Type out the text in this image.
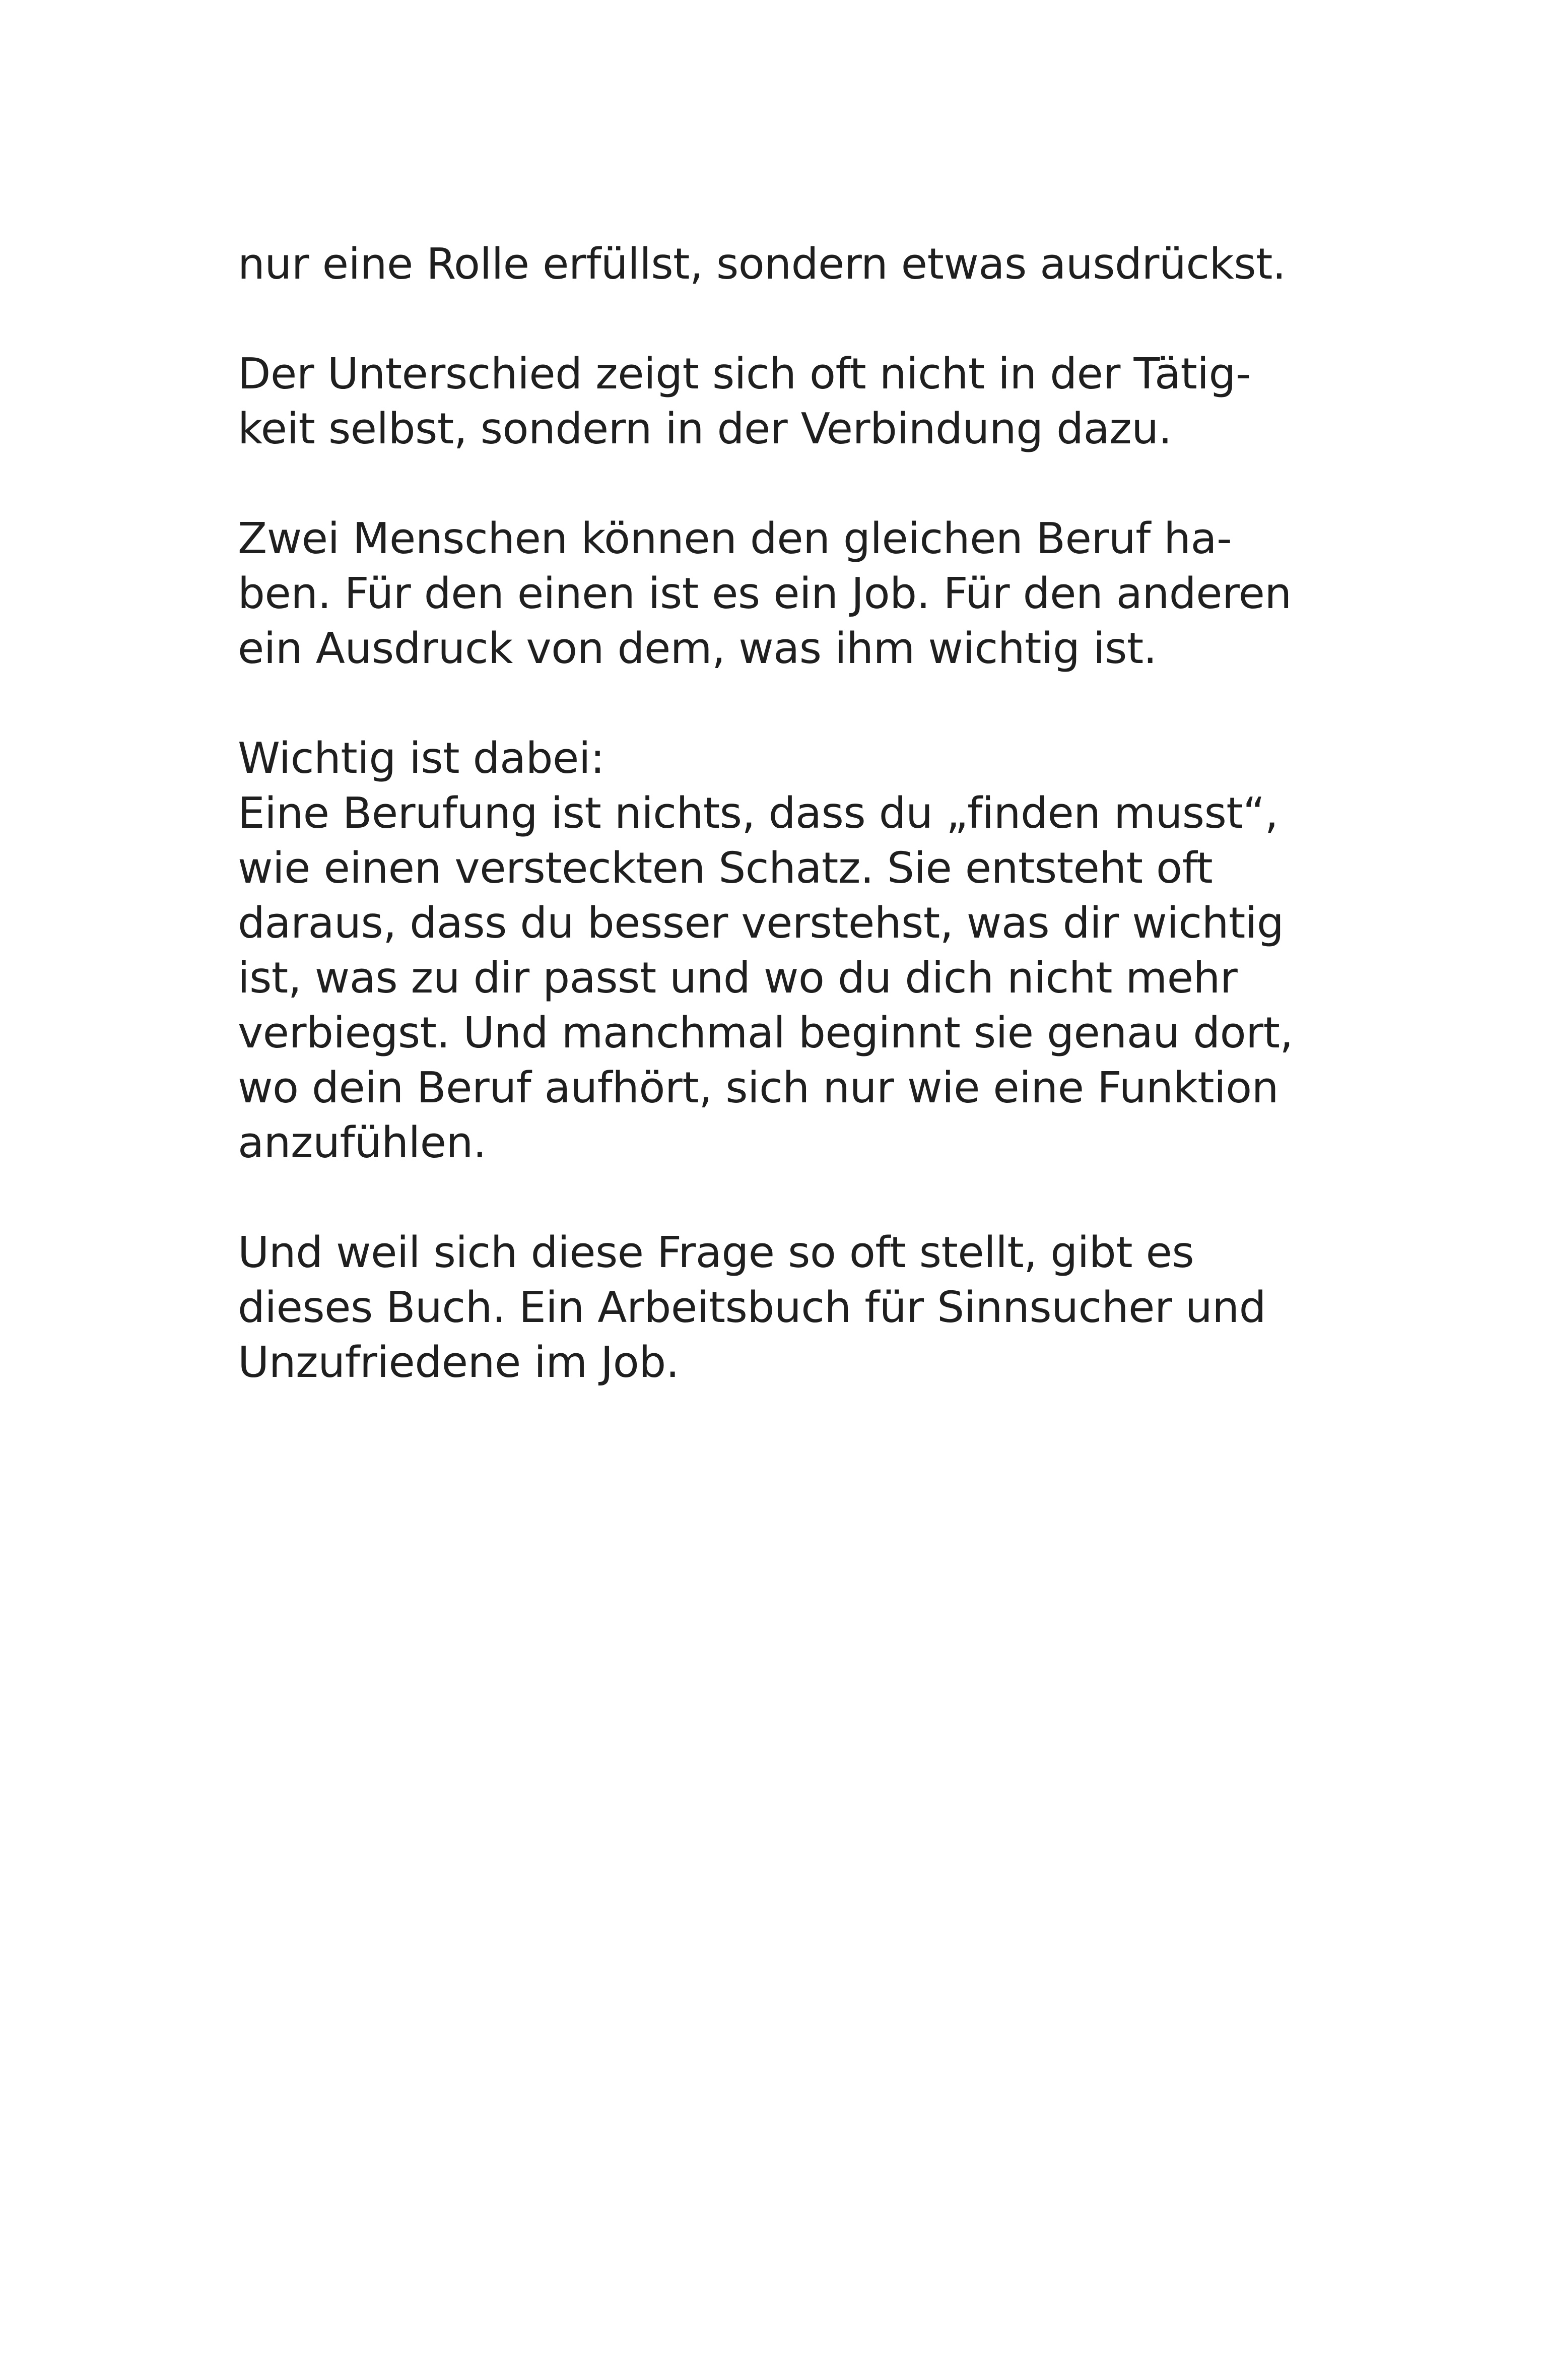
nur eine Rolle erfüllst, sondern etwas ausdrückst.
Der Unterschied zeigt sich oft nicht in der Tätig-
keit selbst, sondern in der Verbindung dazu.
Zwei Menschen können den gleichen Beruf ha-
ben. Für den einen ist es ein Job. Für den anderen
ein Ausdruck von dem, was ihm wichtig ist.
Wichtig ist dabei:
Eine Berufung ist nichts, dass du „finden musst“,
wie einen versteckten Schatz. Sie entsteht oft
daraus, dass du besser verstehst, was dir wichtig
ist, was zu dir passt und wo du dich nicht mehr
verbiegst. Und manchmal beginnt sie genau dort,
wo dein Beruf aufhört, sich nur wie eine Funktion
anzufühlen.
Und weil sich diese Frage so oft stellt, gibt es
dieses Buch. Ein Arbeitsbuch für Sinnsucher und
Unzufriedene im Job.
